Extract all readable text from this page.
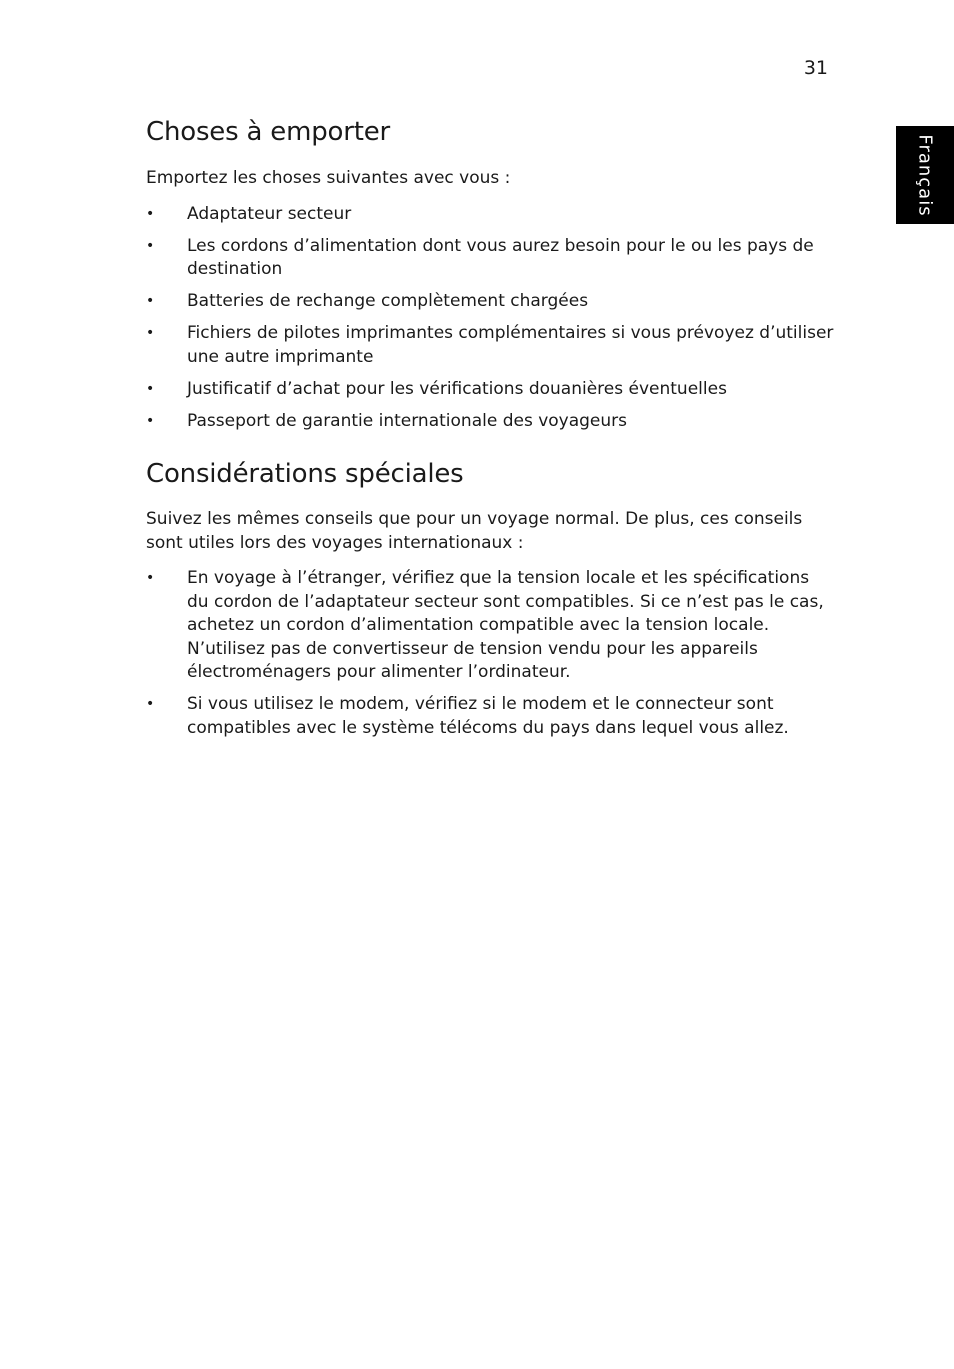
31
Français
Choses à emporter

Emportez les choses suivantes avec vous :

• Adaptateur secteur
• Les cordons d’alimentation dont vous aurez besoin pour le ou les pays de destination
• Batteries de rechange complètement chargées
• Fichiers de pilotes imprimantes complémentaires si vous prévoyez d’utiliser une autre imprimante
• Justificatif d’achat pour les vérifications douanières éventuelles
• Passeport de garantie internationale des voyageurs
Considérations spéciales

Suivez les mêmes conseils que pour un voyage normal. De plus, ces conseils sont utiles lors des voyages internationaux :

• En voyage à l’étranger, vérifiez que la tension locale et les spécifications du cordon de l’adaptateur secteur sont compatibles. Si ce n’est pas le cas, achetez un cordon d’alimentation compatible avec la tension locale. N’utilisez pas de convertisseur de tension vendu pour les appareils électroménagers pour alimenter l’ordinateur.
• Si vous utilisez le modem, vérifiez si le modem et le connecteur sont compatibles avec le système télécoms du pays dans lequel vous allez.
